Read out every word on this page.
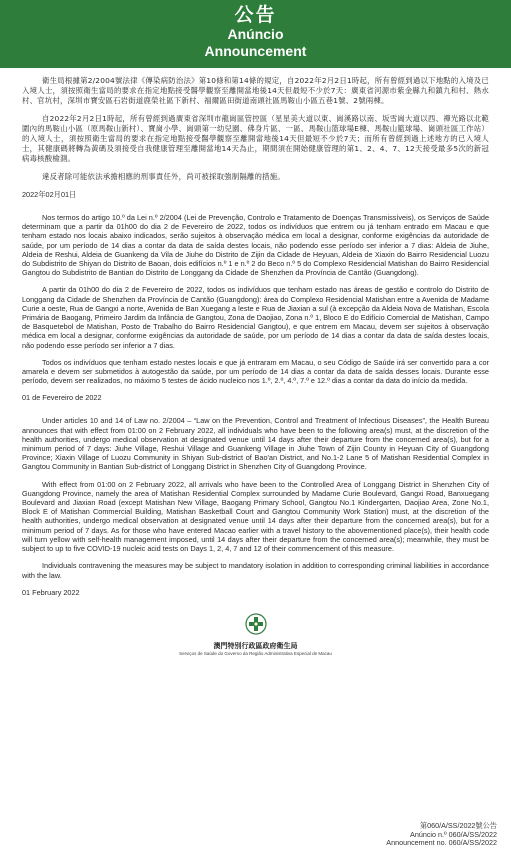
公告
Anúncio
Announcement

衛生局根據第2/2004號法律《傳染病防治法》第10條和第14條的規定，自2022年2月2日1時起，所有曾經到過以下地點的入境及已入境人士，須按照衛生當局的要求在指定地點接受醫學觀察至離開當地後14天但最短不少於7天：廣東省河源市紫金縣九和鎮九和村、熱水村、官坑村，深圳市寶安區石岩街道鹿榮社區下新村、福爾區田街道南頭社區馬鞍山小區五巷1號、2號兩棟。

自2022年2月2日1時起，所有曾經到過廣東省深圳市龍崗區管控區（星星美大道以東、崗溪路以南、坂雪崗大道以西、禪光路以北範圍內的馬鞍山小區（原馬鞍山新村）、寶崗小學、崗頭第一幼兒園、佛身片區、一區、馬鞍山篮球場E棟、馬鞍山籃球場、崗頭社區工作站）的入境人士，須按照衛生當局的要求在指定地點接受醫學觀察至離開當地後14天但最短不少於7天；而所有曾經到過上述地方的已入境人士，其健康碼將轉為黃碼及須接受自我健康管理至離開當地14天為止，期間須在開始健康管理的第1、2、4、7、12天接受最多5次的新冠病毒核酸檢測。

違反者除可能依法承擔相應的刑事責任外，尚可被採取強制隔離的措施。

2022年02月01日

Nos termos do artigo 10.º da Lei n.º 2/2004 (Lei de Prevenção, Controlo e Tratamento de Doenças Transmissíveis), os Serviços de Saúde determinam que a partir da 01h00 do dia 2 de Fevereiro de 2022, todos os indivíduos que entrem ou já tenham entrado em Macau e que tenham estado nos locais abaixo indicados, serão sujeitos à observação médica em local a designar, conforme exigências da autoridade de saúde, por um período de 14 dias a contar da data de saída destes locais, não podendo esse período ser inferior a 7 dias: Aldeia de Jiuhe, Aldeia de Reshui, Aldeia de Guankeng da Vila de Jiuhe do Distrito de Zijin da Cidade de Heyuan, Aldeia de Xiaxin do Bairro Residencial Luozu do Subdistrito de Shiyan do Distrito de Baoan, dois edifícios n.º 1 e n.º 2 do Beco n.º 5 do Complexo Residencial Matishan do Bairro Residencial Gangtou do Subdistrito de Bantian do Distrito de Longgang da Cidade de Shenzhen da Província de Cantão (Guangdong).

A partir da 01h00 do dia 2 de Fevereiro de 2022, todos os indivíduos que tenham estado nas áreas de gestão e controlo do Distrito de Longgang da Cidade de Shenzhen da Província de Cantão (Guangdong): área do Complexo Residencial Matishan entre a Avenida de Madame Curie a oeste, Rua de Gangxi a norte, Avenida de Ban Xuegang a leste e Rua de Jiaxian a sul (à excepção da Aldeia Nova de Matishan, Escola Primária de Baogang, Primeiro Jardim da Infância de Gangtou, Zona de Daojiao, Zona n.º 1, Bloco E do Edifício Comercial de Matishan, Campo de Basquetebol de Matishan, Posto de Trabalho do Bairro Residencial Gangtou), e que entrem em Macau, devem ser sujeitos à observação médica em local a designar, conforme exigências da autoridade de saúde, por um período de 14 dias a contar da data de saída destes locais, não podendo esse período ser inferior a 7 dias.

Todos os indivíduos que tenham estado nestes locais e que já entraram em Macau, o seu Código de Saúde irá ser convertido para a cor amarela e devem ser submetidos à autogestão da saúde, por um período de 14 dias a contar da data de saída desses locais. Durante esse período, devem ser realizados, no máximo 5 testes de ácido nucleico nos 1.º, 2.º, 4.º, 7.º e 12.º dias a contar da data do início da medida.

01 de Fevereiro de 2022

Under articles 10 and 14 of Law no. 2/2004 – “Law on the Prevention, Control and Treatment of Infectious Diseases”, the Health Bureau announces that with effect from 01:00 on 2 February 2022, all individuals who have been to the following area(s) must, at the discretion of the health authorities, undergo medical observation at designated venue until 14 days after their departure from the concerned area(s), but for a minimum period of 7 days: Jiuhe Village, Reshui Village and Guankeng Village in Jiuhe Town of Zijin County in Heyuan City of Guangdong Province; Xiaxin Village of Luozu Community in Shiyan Sub-district of Bao'an District, and No.1-2 Lane 5 of Matishan Residential Complex in Gangtou Community in Bantian Sub-district of Longgang District in Shenzhen City of Guangdong Province.

With effect from 01:00 on 2 February 2022, all arrivals who have been to the Controlled Area of Longgang District in Shenzhen City of Guangdong Province, namely the area of Matishan Residential Complex surrounded by Madame Curie Boulevard, Gangxi Road, Banxuegang Boulevard and Jiaxian Road (except Matishan New Village, Baogang Primary School, Gangtou No.1 Kindergarten, Daojiao Area, Zone No.1, Block E of Matishan Commercial Building, Matishan Basketball Court and Gangtou Community Work Station) must, at the discretion of the health authorities, undergo medical observation at designated venue until 14 days after their departure from the concerned area(s), but for a minimum period of 7 days. As for those who have entered Macao earlier with a travel history to the abovementioned place(s), their health code will turn yellow with self-health management imposed, until 14 days after their departure from the concerned area(s); meanwhile, they must be subject to up to five COVID-19 nucleic acid tests on Days 1, 2, 4, 7 and 12 of their commencement of this measure.

Individuals contravening the measures may be subject to mandatory isolation in addition to corresponding criminal liabilities in accordance with the law.

01 February 2022
澳門特別行政區政府衛生局
Serviços de Saúde do Governo da Região Administrativa Especial de Macau
第060/A/SS/2022號公告
Anúncio n.º 060/A/SS/2022
Announcement no. 060/A/SS/2022
